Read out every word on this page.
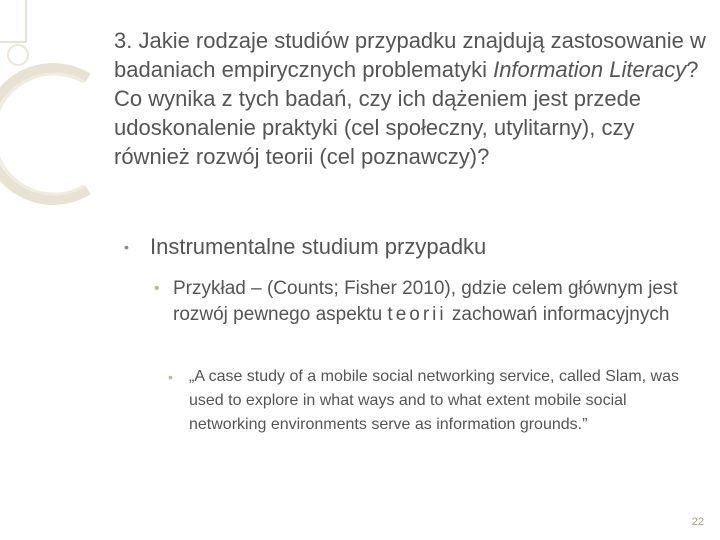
3. Jakie rodzaje studiów przypadku znajdują zastosowanie w badaniach empirycznych problematyki Information Literacy? Co wynika z tych badań, czy ich dążeniem jest przede udoskonalenie praktyki (cel społeczny, utylitarny), czy również rozwój teorii (cel poznawczy)?

• Instrumentalne studium przypadku
• Przykład – (Counts; Fisher 2010), gdzie celem głównym jest rozwój pewnego aspektu teorii zachowań informacyjnych
• „A case study of a mobile social networking service, called Slam, was used to explore in what ways and to what extent mobile social networking environments serve as information grounds.”
22
